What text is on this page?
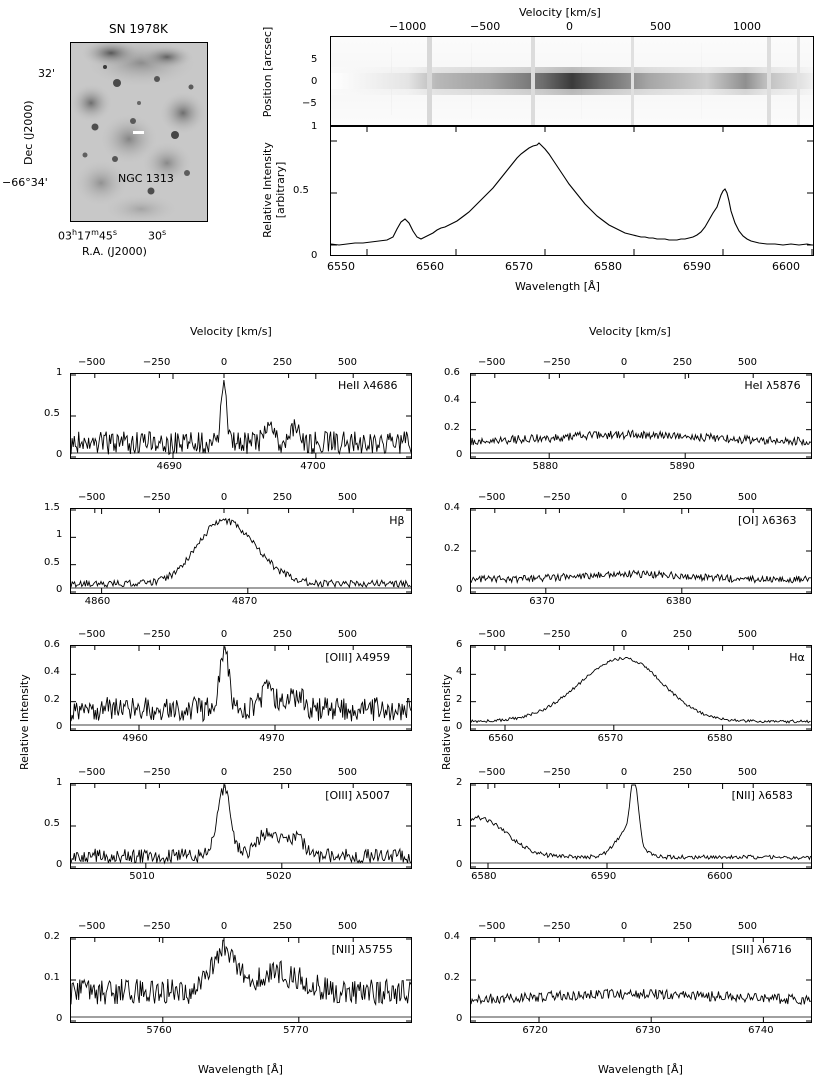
SN 1978K
NGC 1313
32'
−66°34'
03$^h$17$^m$45$^s$	30$^s$
R.A. (J2000)
Dec (J2000)
Velocity [km/s]
−1000	−500	0	500	1000
5
0
−5
Position [arcsec]
0
0.5
1
Relative Intensity [arbitrary]
6550	6560	6570	6580	6590	6600
Wavelength [Å]
Velocity [km/s]	Velocity [km/s]
Relative Intensity	Relative Intensity
Wavelength [Å]	Wavelength [Å]
−500	−250	0	250	500
0
0.5
1
4690	4700
HeII λ4686
−500	−250	0	250	500
0
0.5
1
1.5
4860	4870
Hβ
−500	−250	0	250	500
0
0.2
0.4
0.6
4960	4970
[OIII] λ4959
−500	−250	0	250	500
0
0.5
1
5010	5020
[OIII] λ5007
−500	−250	0	250	500
0
0.1
0.2
5760	5770
[NII] λ5755
−500	−250	0	250	500
0
0.2
0.4
0.6
5880	5890
HeI λ5876
−500	−250	0	250	500
0
0.2
0.4
6370	6380
[OI] λ6363
−500	−250	0	250	500
0
2
4
6
6560	6570	6580
Hα
−500	−250	0	250	500
0
1
2
6580	6590	6600
[NII] λ6583
−500	−250	0	250	500
0
0.2
0.4
6720	6730	6740
[SII] λ6716
